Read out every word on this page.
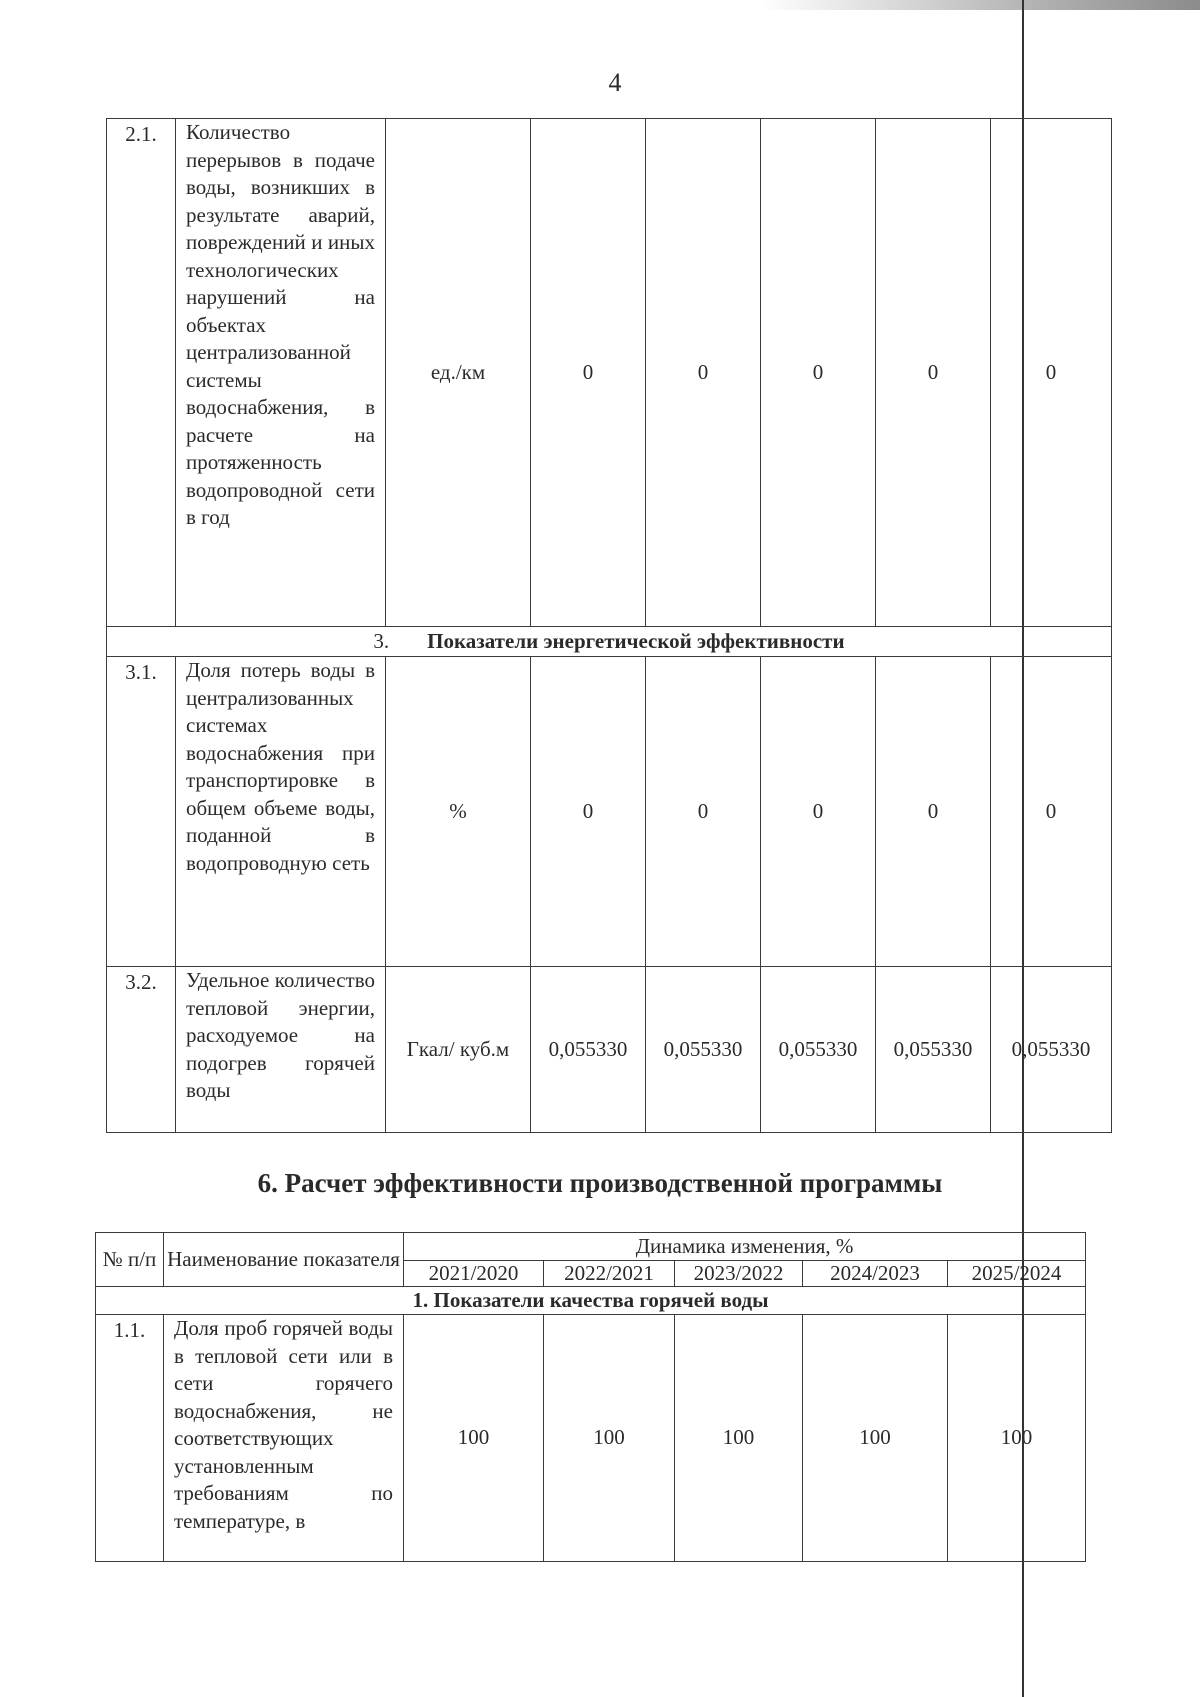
4
2.1.	Количество перерывов в подаче воды, возникших в результате аварий, повреждений и иных технологических нарушений на объектах централизованной системы водоснабжения, в расчете на протяженность водопроводной сети в год	ед./км	0	0	0	0	0
3. Показатели энергетической эффективности							
3.1.	Доля потерь воды в централизованных системах водоснабжения при транспортировке в общем объеме воды, поданной в водопроводную сеть	%	0	0	0	0	0
3.2.	Удельное количество тепловой энергии, расходуемое на подогрев горячей воды	Гкал/ куб.м	0,055330	0,055330	0,055330	0,055330	0,055330
6. Расчет эффективности производственной программы
№ п/п	Наименование показателя	Динамика изменения, %				
		2021/2020	2022/2021	2023/2022	2024/2023	2025/2024
1. Показатели качества горячей воды						
1.1.	Доля проб горячей воды в тепловой сети или в сети горячего водоснабжения, не соответствующих установленным требованиям по температуре, в	100	100	100	100	100
